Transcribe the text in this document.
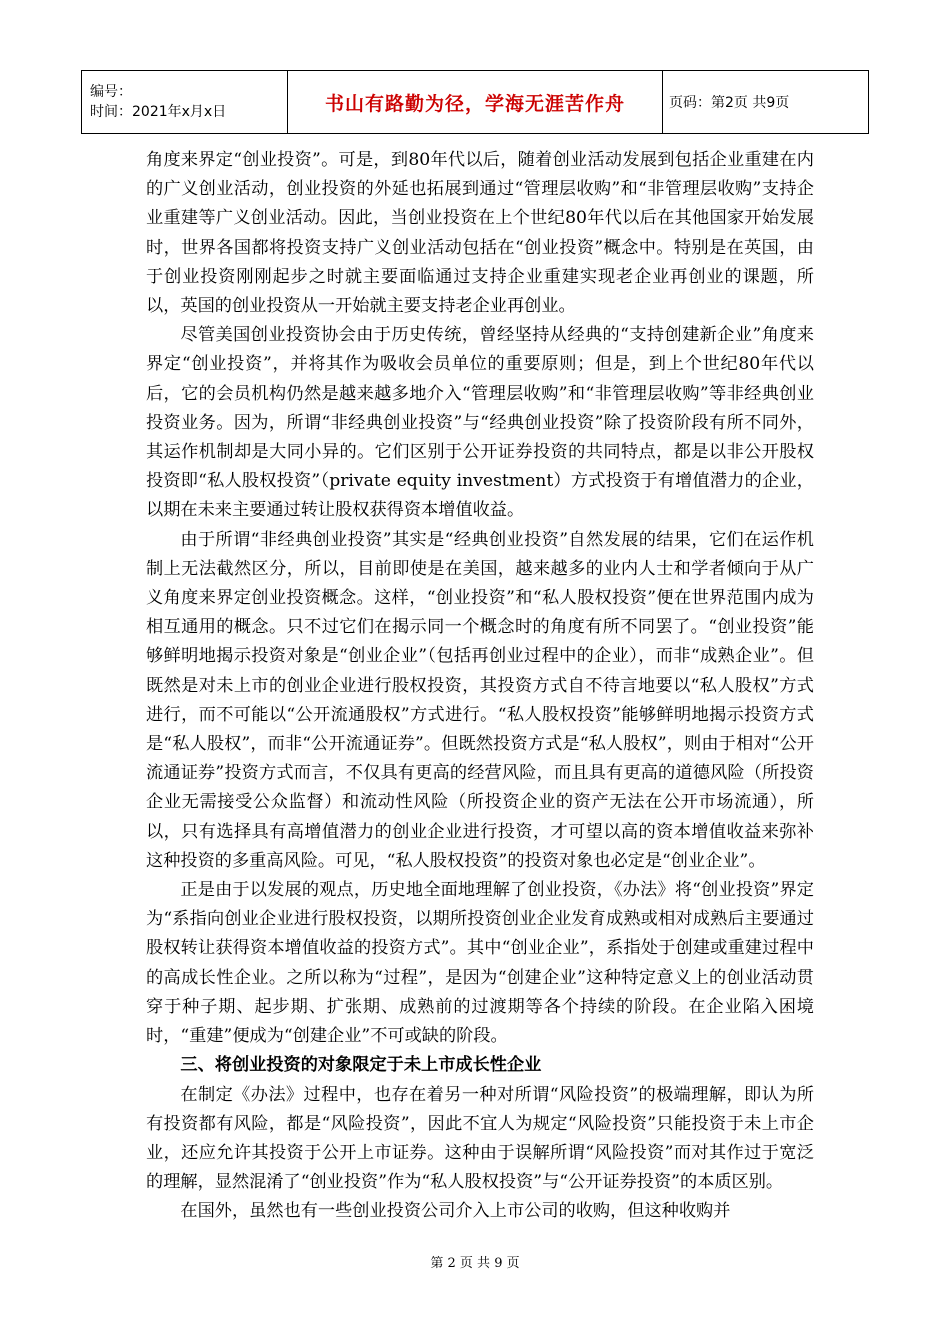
编号：
时间：2021年x月x日	书山有路勤为径，学海无涯苦作舟	页码：第2页 共9页

角度来界定“创业投资”。可是，到80年代以后，随着创业活动发展到包括企业重建在内的广义创业活动，创业投资的外延也拓展到通过“管理层收购”和“非管理层收购”支持企业重建等广义创业活动。因此，当创业投资在上个世纪80年代以后在其他国家开始发展时，世界各国都将投资支持广义创业活动包括在“创业投资”概念中。特别是在英国，由于创业投资刚刚起步之时就主要面临通过支持企业重建实现老企业再创业的课题，所以，英国的创业投资从一开始就主要支持老企业再创业。

尽管美国创业投资协会由于历史传统，曾经坚持从经典的“支持创建新企业”角度来界定“创业投资”，并将其作为吸收会员单位的重要原则；但是，到上个世纪80年代以后，它的会员机构仍然是越来越多地介入“管理层收购”和“非管理层收购”等非经典创业投资业务。因为，所谓“非经典创业投资”与“经典创业投资”除了投资阶段有所不同外，其运作机制却是大同小异的。它们区别于公开证券投资的共同特点，都是以非公开股权投资即“私人股权投资”（private equity investment）方式投资于有增值潜力的企业，以期在未来主要通过转让股权获得资本增值收益。

由于所谓“非经典创业投资”其实是“经典创业投资”自然发展的结果，它们在运作机制上无法截然区分，所以，目前即使是在美国，越来越多的业内人士和学者倾向于从广义角度来界定创业投资概念。这样，“创业投资”和“私人股权投资”便在世界范围内成为相互通用的概念。只不过它们在揭示同一个概念时的角度有所不同罢了。“创业投资”能够鲜明地揭示投资对象是“创业企业”（包括再创业过程中的企业），而非“成熟企业”。但既然是对未上市的创业企业进行股权投资，其投资方式自不待言地要以“私人股权”方式进行，而不可能以“公开流通股权”方式进行。“私人股权投资”能够鲜明地揭示投资方式是“私人股权”，而非“公开流通证券”。但既然投资方式是“私人股权”，则由于相对“公开流通证券”投资方式而言，不仅具有更高的经营风险，而且具有更高的道德风险（所投资企业无需接受公众监督）和流动性风险（所投资企业的资产无法在公开市场流通），所以，只有选择具有高增值潜力的创业企业进行投资，才可望以高的资本增值收益来弥补这种投资的多重高风险。可见，“私人股权投资”的投资对象也必定是“创业企业”。

正是由于以发展的观点，历史地全面地理解了创业投资，《办法》将“创业投资”界定为“系指向创业企业进行股权投资，以期所投资创业企业发育成熟或相对成熟后主要通过股权转让获得资本增值收益的投资方式”。其中“创业企业”，系指处于创建或重建过程中的高成长性企业。之所以称为“过程”，是因为“创建企业”这种特定意义上的创业活动贯穿于种子期、起步期、扩张期、成熟前的过渡期等各个持续的阶段。在企业陷入困境时，“重建”便成为“创建企业”不可或缺的阶段。

三、将创业投资的对象限定于未上市成长性企业

在制定《办法》过程中，也存在着另一种对所谓“风险投资”的极端理解，即认为所有投资都有风险，都是“风险投资”，因此不宜人为规定“风险投资”只能投资于未上市企业，还应允许其投资于公开上市证券。这种由于误解所谓“风险投资”而对其作过于宽泛的理解，显然混淆了“创业投资”作为“私人股权投资”与“公开证券投资”的本质区别。

在国外，虽然也有一些创业投资公司介入上市公司的收购，但这种收购并

第 2 页 共 9 页
